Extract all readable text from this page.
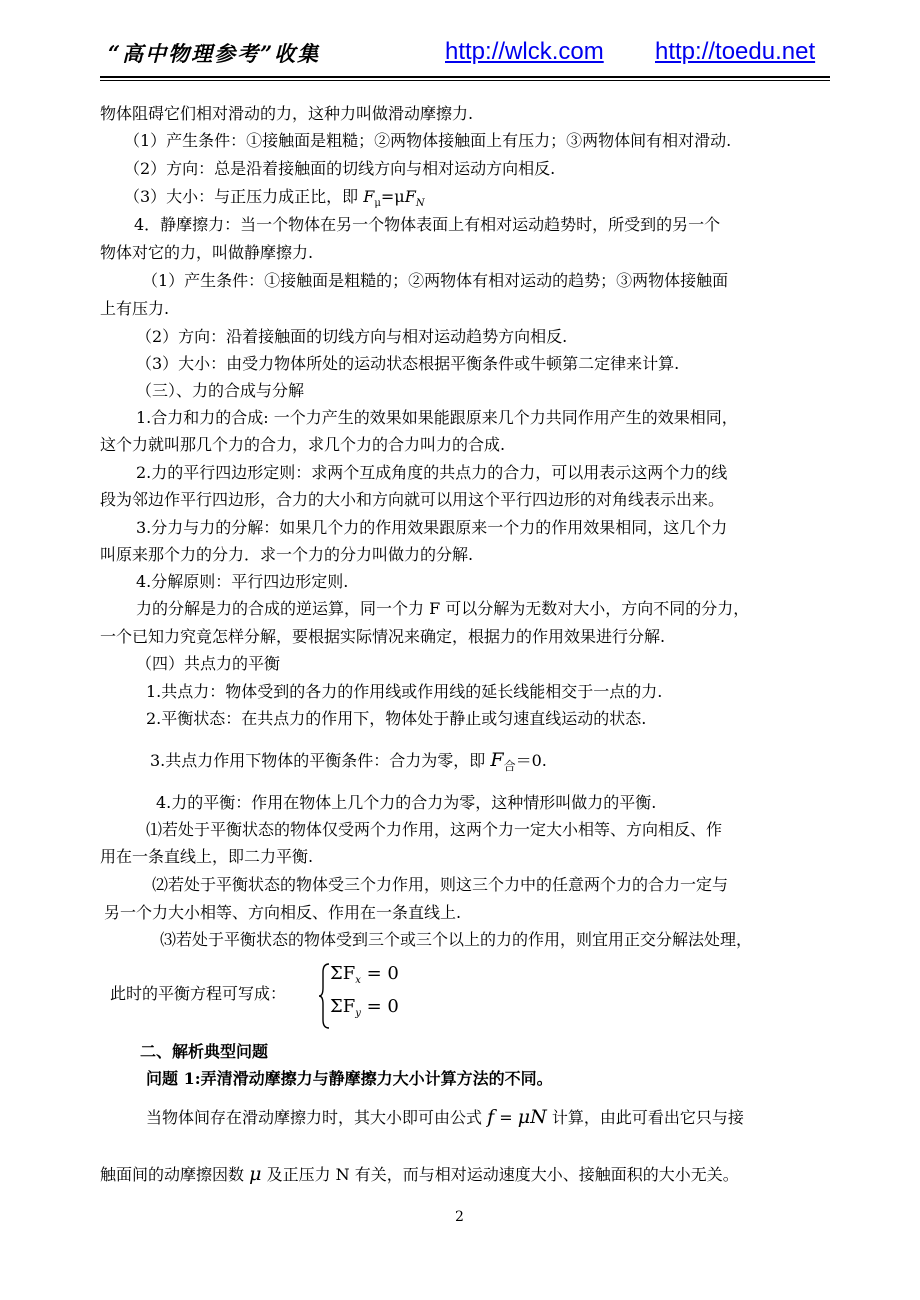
“高中物理参考”收集	http://wlck.com http://toedu.net
物体阻碍它们相对滑动的力，这种力叫做滑动摩擦力.
（1）产生条件：①接触面是粗糙；②两物体接触面上有压力；③两物体间有相对滑动.
（2）方向：总是沿着接触面的切线方向与相对运动方向相反.
（3）大小：与正压力成正比，即 $F_\mu=\mu F_N$
4．静摩擦力：当一个物体在另一个物体表面上有相对运动趋势时，所受到的另一个
物体对它的力，叫做静摩擦力.
（1）产生条件：①接触面是粗糙的；②两物体有相对运动的趋势；③两物体接触面
上有压力.
（2）方向：沿着接触面的切线方向与相对运动趋势方向相反.
（3）大小：由受力物体所处的运动状态根据平衡条件或牛顿第二定律来计算.
（三）、力的合成与分解
1.合力和力的合成: 一个力产生的效果如果能跟原来几个力共同作用产生的效果相同，
这个力就叫那几个力的合力，求几个力的合力叫力的合成.
2.力的平行四边形定则：求两个互成角度的共点力的合力，可以用表示这两个力的线
段为邻边作平行四边形，合力的大小和方向就可以用这个平行四边形的对角线表示出来。
3.分力与力的分解：如果几个力的作用效果跟原来一个力的作用效果相同，这几个力
叫原来那个力的分力．求一个力的分力叫做力的分解.
4.分解原则：平行四边形定则.
力的分解是力的合成的逆运算，同一个力 F 可以分解为无数对大小，方向不同的分力，
一个已知力究竟怎样分解，要根据实际情况来确定，根据力的作用效果进行分解.
（四）共点力的平衡
1.共点力：物体受到的各力的作用线或作用线的延长线能相交于一点的力.
2.平衡状态：在共点力的作用下，物体处于静止或匀速直线运动的状态.
3.共点力作用下物体的平衡条件：合力为零，即 $F_合=0$.
4.力的平衡：作用在物体上几个力的合力为零，这种情形叫做力的平衡.
⑴若处于平衡状态的物体仅受两个力作用，这两个力一定大小相等、方向相反、作
用在一条直线上，即二力平衡.
⑵若处于平衡状态的物体受三个力作用，则这三个力中的任意两个力的合力一定与
另一个力大小相等、方向相反、作用在一条直线上.
⑶若处于平衡状态的物体受到三个或三个以上的力的作用，则宜用正交分解法处理，
此时的平衡方程可写成：
$\Sigma F_x = 0$
$\Sigma F_y = 0$
二、解析典型问题
问题 1:弄清滑动摩擦力与静摩擦力大小计算方法的不同。
当物体间存在滑动摩擦力时，其大小即可由公式 f = μN 计算，由此可看出它只与接
触面间的动摩擦因数 μ 及正压力 N 有关，而与相对运动速度大小、接触面积的大小无关。
2
